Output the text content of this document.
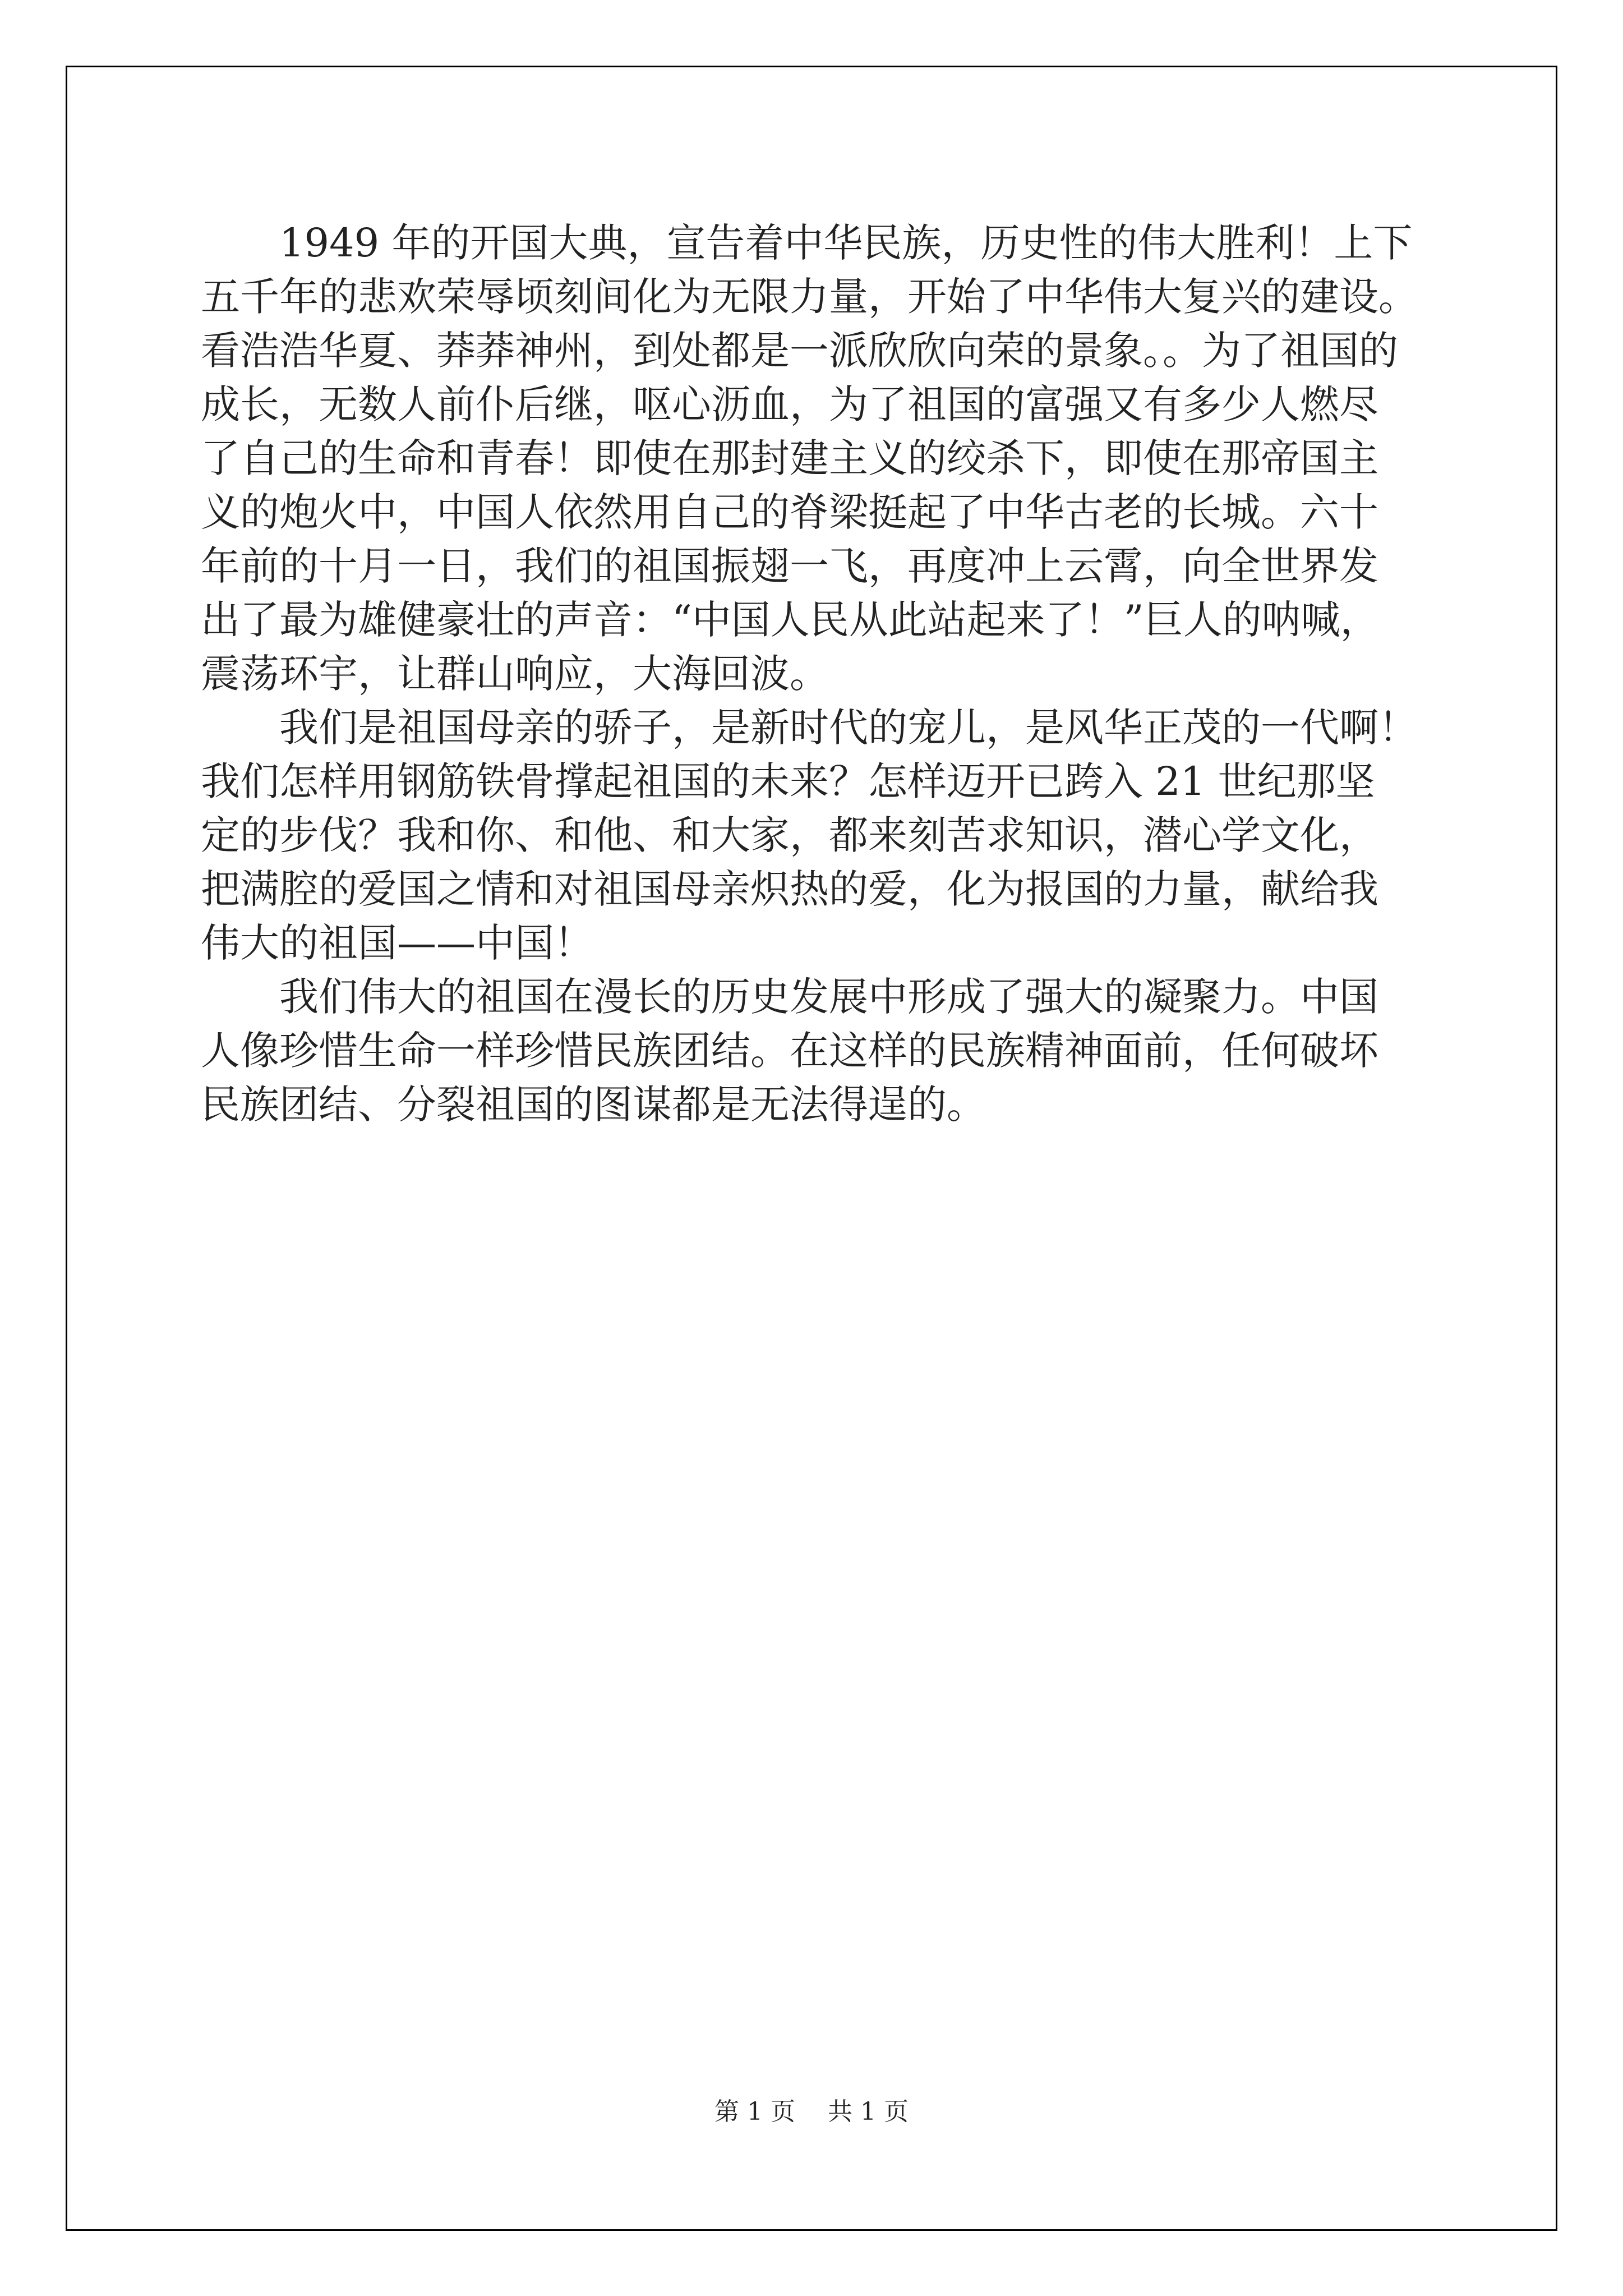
　　1949 年的开国大典，宣告着中华民族，历史性的伟大胜利！上下

五千年的悲欢荣辱顷刻间化为无限力量，开始了中华伟大复兴的建设。

看浩浩华夏、莽莽神州，到处都是一派欣欣向荣的景象。。为了祖国的

成长，无数人前仆后继，呕心沥血，为了祖国的富强又有多少人燃尽

了自己的生命和青春！即使在那封建主义的绞杀下，即使在那帝国主

义的炮火中，中国人依然用自己的脊梁挺起了中华古老的长城。六十

年前的十月一日，我们的祖国振翅一飞，再度冲上云霄，向全世界发

出了最为雄健豪壮的声音：“中国人民从此站起来了！”巨人的呐喊，

震荡环宇，让群山响应，大海回波。

　　我们是祖国母亲的骄子，是新时代的宠儿，是风华正茂的一代啊！

我们怎样用钢筋铁骨撑起祖国的未来？怎样迈开已跨入 21 世纪那坚

定的步伐？我和你、和他、和大家，都来刻苦求知识，潜心学文化，

把满腔的爱国之情和对祖国母亲炽热的爱，化为报国的力量，献给我

伟大的祖国——中国！

　　我们伟大的祖国在漫长的历史发展中形成了强大的凝聚力。中国

人像珍惜生命一样珍惜民族团结。在这样的民族精神面前，任何破坏

民族团结、分裂祖国的图谋都是无法得逞的。

第 1 页　 共 1 页
